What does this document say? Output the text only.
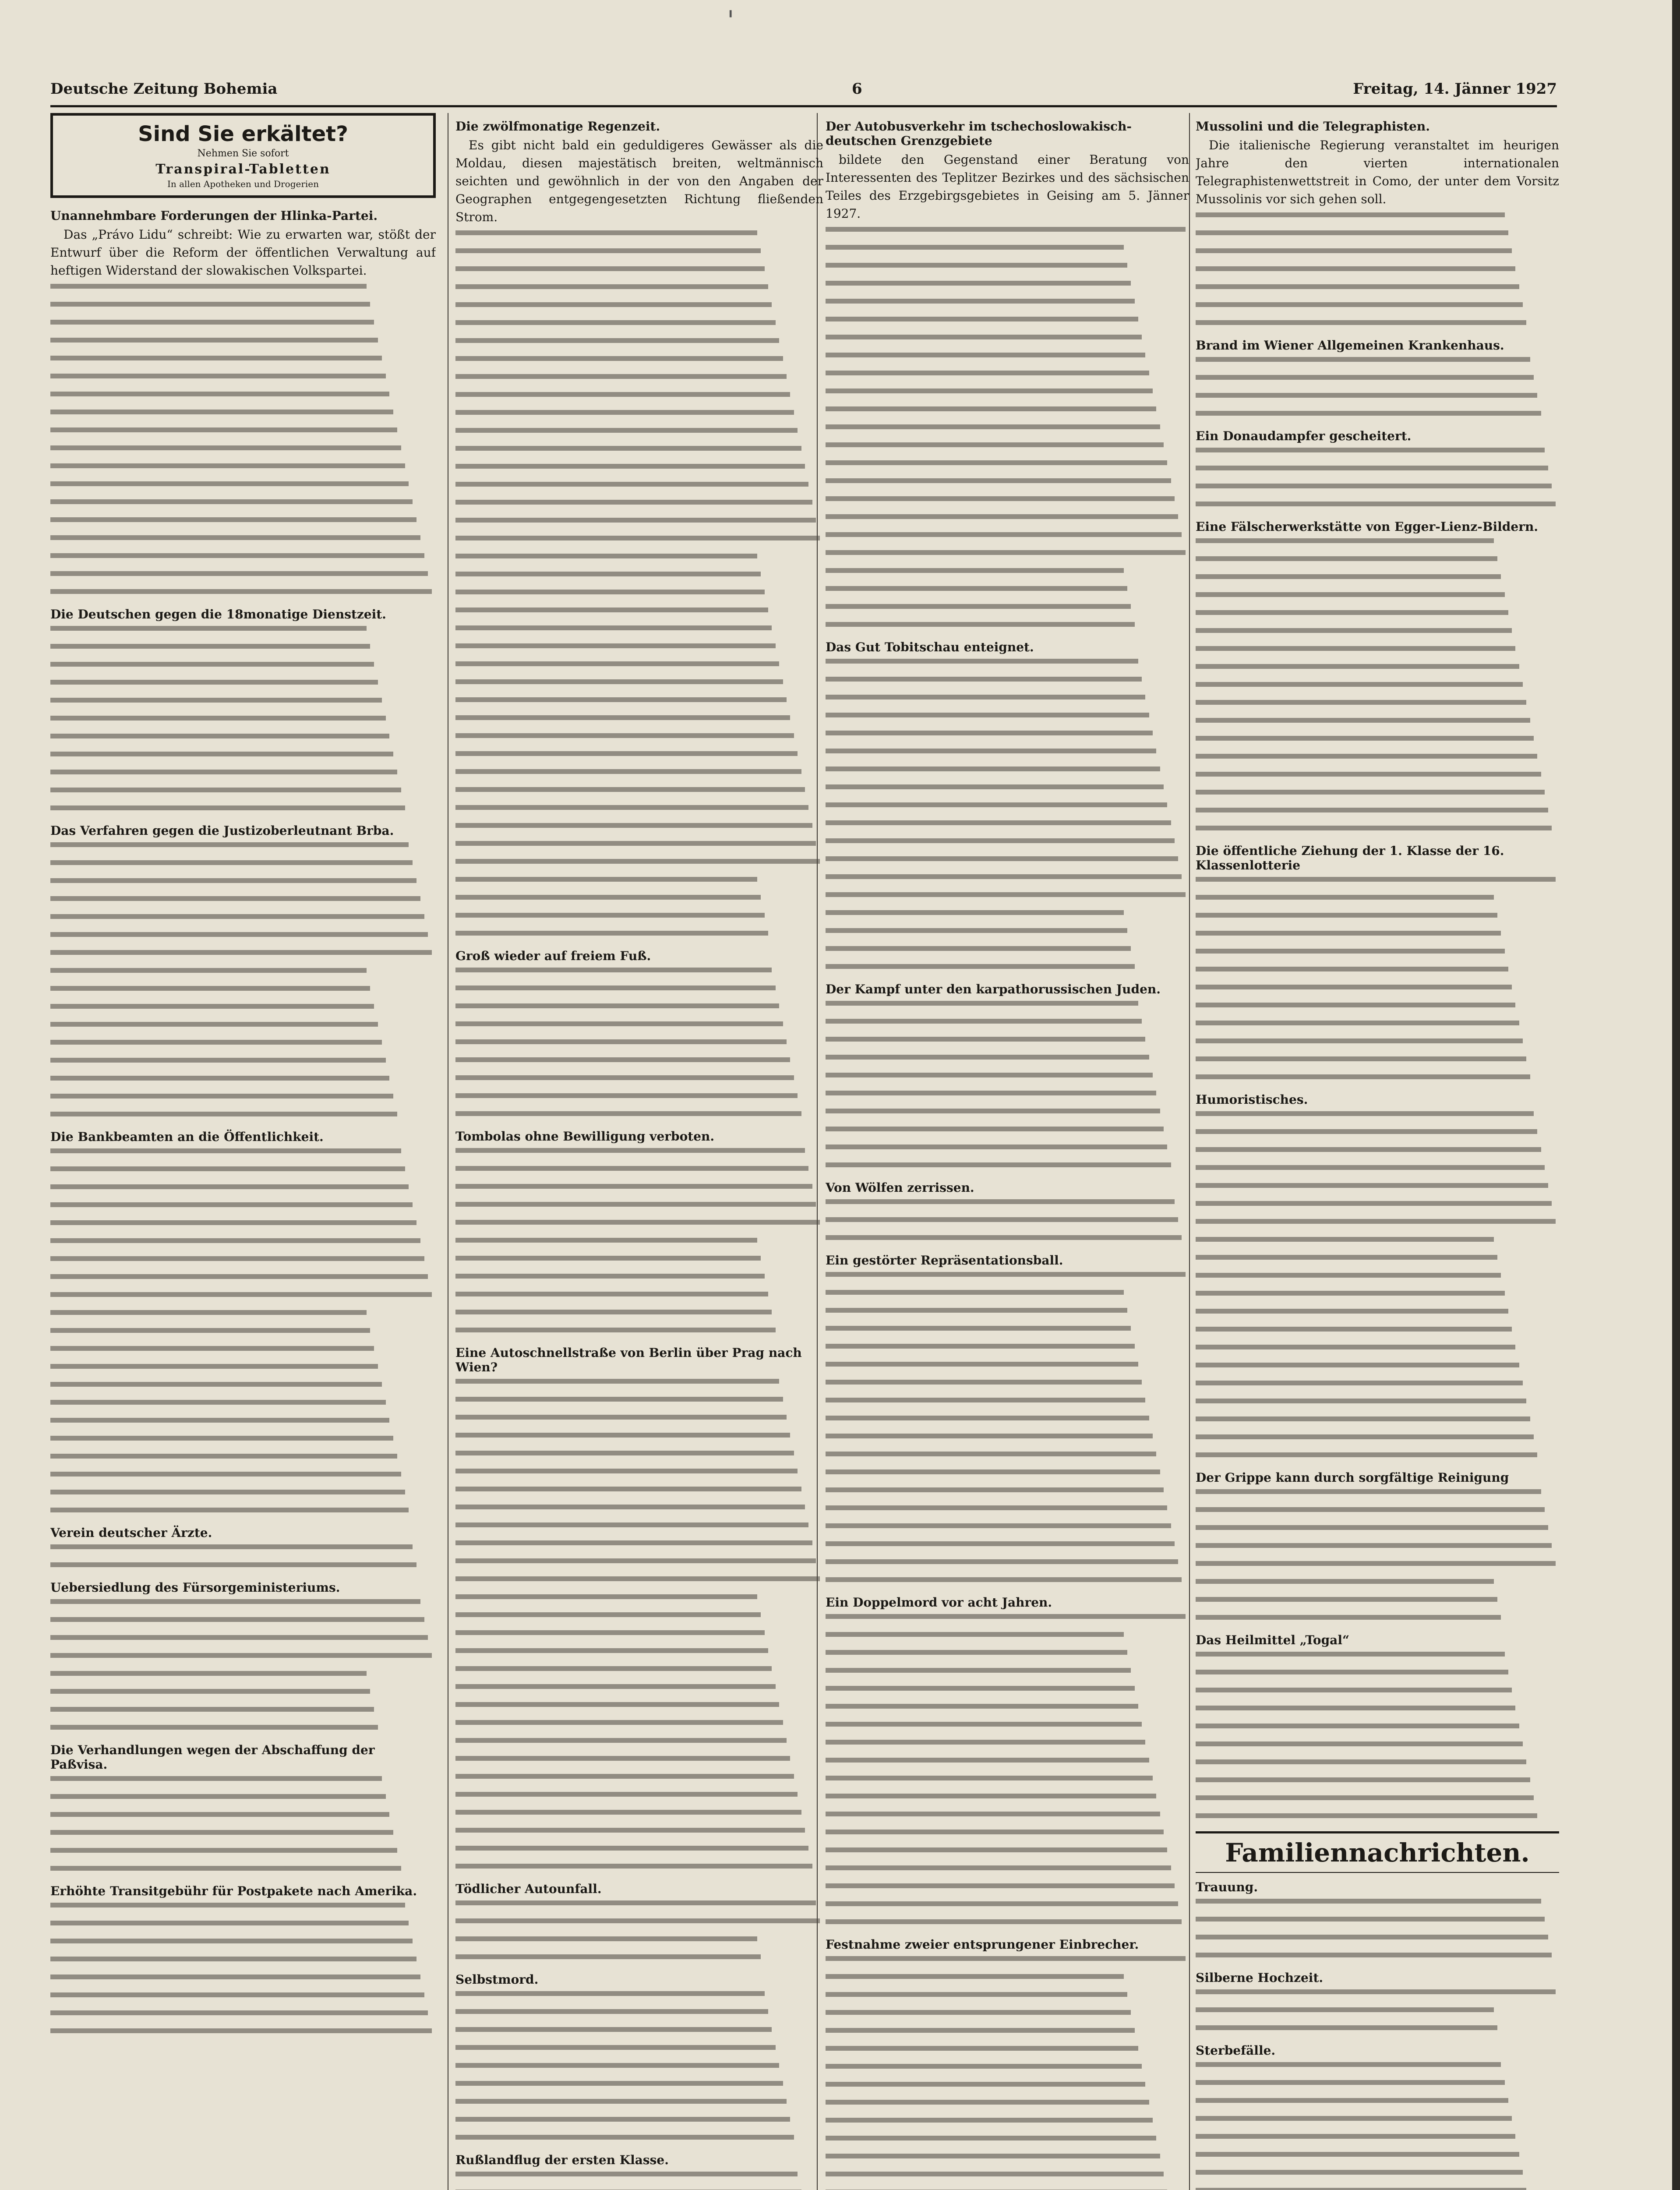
'
Deutsche Zeitung Bohemia	6	Freitag, 14. Jänner 1927
Sind Sie erkältet?
Nehmen Sie sofort
Transpiral-Tabletten
In allen Apotheken und Drogerien
Unannehmbare Forderungen der Hlinka-Partei.

Das „Právo Lidu“ schreibt: Wie zu erwarten war, stößt der Entwurf über die Reform der öffentlichen Verwaltung auf heftigen Widerstand der slowakischen Volkspartei.

Die Deutschen gegen die 18monatige Dienstzeit.
Das Verfahren gegen die Justizoberleutnant Brba.
Die Bankbeamten an die Öffentlichkeit.
Verein deutscher Ärzte.
Uebersiedlung des Fürsorgeministeriums.
Die Verhandlungen wegen der Abschaffung der Paßvisa.
Erhöhte Transitgebühr für Postpakete nach Amerika.
Die zwölfmonatige Regenzeit.

Es gibt nicht bald ein geduldigeres Gewässer als die Moldau, diesen majestätisch breiten, weltmännisch seichten und gewöhnlich in der von den Angaben der Geographen entgegengesetzten Richtung fließenden Strom.

Groß wieder auf freiem Fuß.
Tombolas ohne Bewilligung verboten.
Eine Autoschnellstraße von Berlin über Prag nach Wien?
Tödlicher Autounfall.
Selbstmord.
Rußlandflug der ersten Klasse.
Der Autobusverkehr im tschechoslowakisch-deutschen Grenzgebiete

bildete den Gegenstand einer Beratung von Interessenten des Teplitzer Bezirkes und des sächsischen Teiles des Erzgebirgsgebietes in Geising am 5. Jänner 1927.

Das Gut Tobitschau enteignet.
Der Kampf unter den karpathorussischen Juden.
Von Wölfen zerrissen.
Ein gestörter Repräsentationsball.
Ein Doppelmord vor acht Jahren.
Festnahme zweier entsprungener Einbrecher.
Mussolini und die Telegraphisten.

Die italienische Regierung veranstaltet im heurigen Jahre den vierten internationalen Telegraphistenwettstreit in Como, der unter dem Vorsitz Mussolinis vor sich gehen soll.

Brand im Wiener Allgemeinen Krankenhaus.
Ein Donaudampfer gescheitert.
Eine Fälscherwerkstätte von Egger-Lienz-Bildern.
Die öffentliche Ziehung der 1. Klasse der 16. Klassenlotterie
Humoristisches.
Der Grippe kann durch sorgfältige Reinigung
Das Heilmittel „Togal“
Familiennachrichten.
Trauung.
Silberne Hochzeit.
Sterbefälle.
